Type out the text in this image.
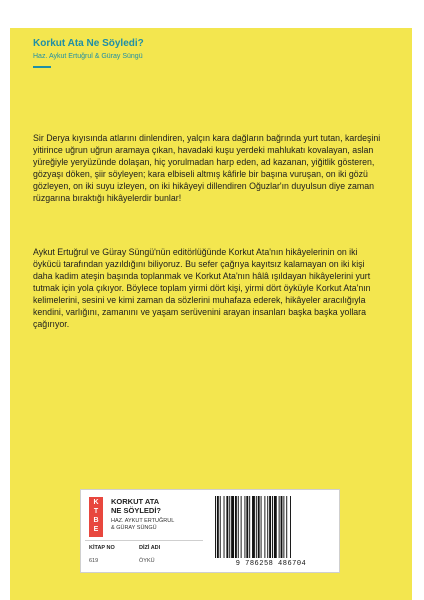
Korkut Ata Ne Söyledi?
Haz. Aykut Ertuğrul & Güray Süngü

Sir Derya kıyısında atlarını dinlendiren, yalçın kara dağların bağrında yurt tutan, kardeşini yitirince uğrun uğrun aramaya çıkan, havadaki kuşu yerdeki mahlukatı kovalayan, aslan yüreğiyle yeryüzünde dolaşan, hiç yorulmadan harp eden, ad kazanan, yiğitlik gösteren, gözyaşı döken, şiir söyleyen; kara elbiseli altmış kâfirle bir başına vuruşan, on iki gözü gözleyen, on iki suyu izleyen, on iki hikâyeyi dillendiren Oğuzlar'ın duyulsun diye zaman rüzgarına bıraktığı hikâyelerdir bunlar!

Aykut Ertuğrul ve Güray Süngü'nün editörlüğünde Korkut Ata'nın hikâyelerinin on iki öykücü tarafından yazıldığını biliyoruz. Bu sefer çağrıya kayıtsız kalamayan on iki kişi daha kadim ateşin başında toplanmak ve Korkut Ata'nın hâlâ ışıldayan hikâyelerini yurt tutmak için yola çıkıyor. Böylece toplam yirmi dört kişi, yirmi dört öyküyle Korkut Ata'nın kelimelerini, sesini ve kimi zaman da sözlerini muhafaza ederek, hikâyeler aracılığıyla kendini, varlığını, zamanını ve yaşam serüvenini arayan insanları başka başka yollara çağırıyor.

K
T
B
E
KORKUT ATA
NE SÖYLEDİ?
HAZ. AYKUT ERTUĞRUL
& GÜRAY SÜNGÜ
KİTAP NO	DİZİ ADI
619	ÖYKÜ	9 786258 486704
